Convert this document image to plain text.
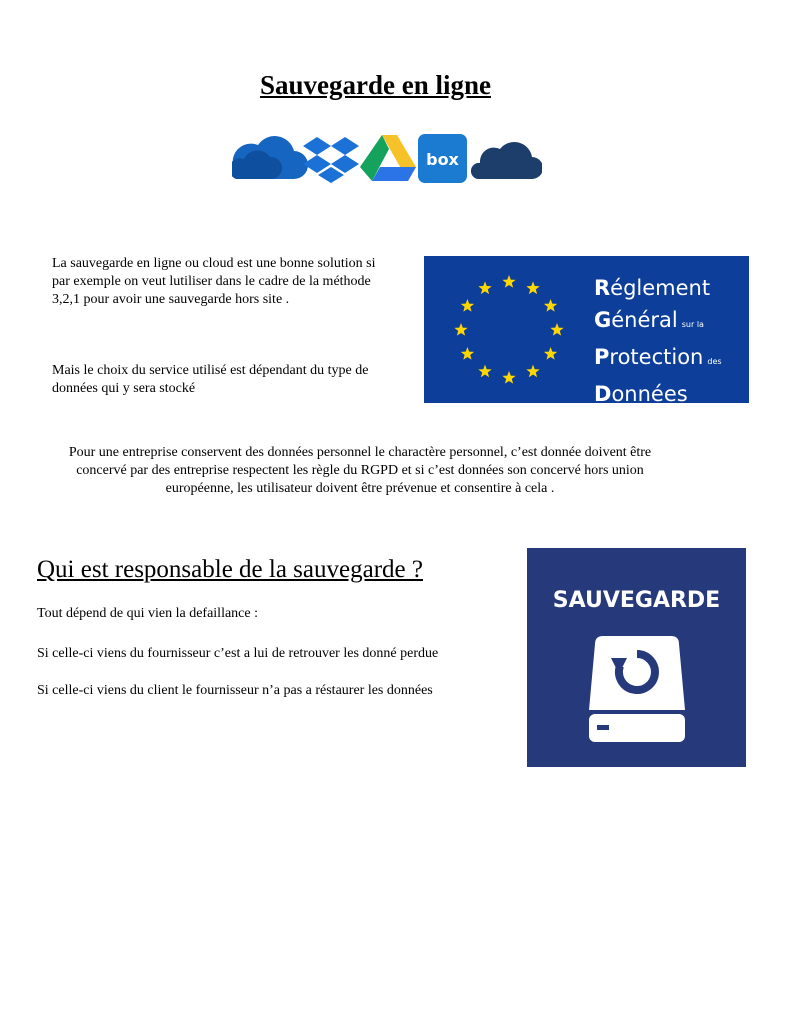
Sauvegarde en ligne
box
La sauvegarde en ligne ou cloud est une bonne solution si par exemple on veut lutiliser dans le cadre de la méthode 3,2,1 pour avoir une sauvegarde hors site .
Mais le choix du service utilisé est dépendant du type de données qui y sera stocké
Réglement
Général sur la
Protection des
Données
Pour une entreprise conservent des données personnel le charactère personnel, c’est donnée doivent être concervé par des entreprise respectent les règle du RGPD et si c’est données son concervé hors union européenne, les utilisateur doivent être prévenue et consentire à cela .
Qui est responsable de la sauvegarde ?
Tout dépend de qui vien la defaillance :
Si celle-ci viens du fournisseur c’est a lui de retrouver les donné perdue
Si celle-ci viens du client le fournisseur n’a pas a réstaurer les données
SAUVEGARDE
